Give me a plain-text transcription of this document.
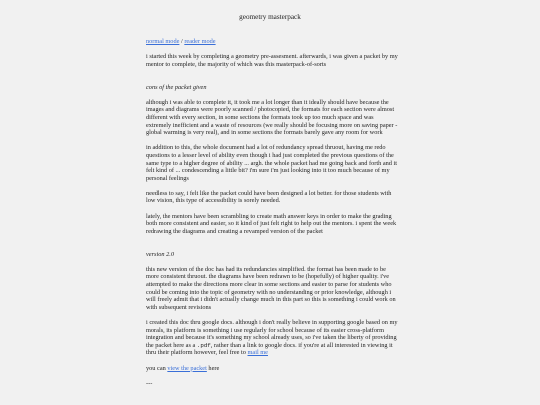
geometry masterpack
normal mode / reader mode

i started this week by completing a geometry pre-assesment. afterwards, i was given a packet by my mentor to complete, the majority of which was this masterpack-of-sorts

cons of the packet given

although i was able to complete it, it took me a lot longer than it ideally should have because the images and diagrams were poorly scanned / photocopied, the formats for each section were almost different with every section, in some sections the formats took up too much space and was extremely inefficient and a waste of resources (we really should be focusing more on saving paper - global warming is very real), and in some sections the formats barely gave any room for work

in addition to this, the whole document had a lot of redundancy spread thruout, having me redo questions to a lesser level of ability even though i had just completed the previous questions of the same type to a higher degree of ability ... argh. the whole packet had me going back and forth and it felt kind of ... condescending a little bit? i'm sure i'm just looking into it too much because of my personal feelings

needless to say, i felt like the packet could have been designed a lot better. for those students with low vision, this type of accessibility is sorely needed.

lately, the mentors have been scrambling to create math answer keys in order to make the grading both more consistent and easier, so it kind of just felt right to help out the mentors. i spent the week redrawing the diagrams and creating a revamped version of the packet

version 2.0

this new version of the doc has had its redundancies simplified. the format has been made to be more consistent thruout. the diagrams have been redrawn to be (hopefully) of higher quality. i've attempted to make the directions more clear in some sections and easier to parse for students who could be coming into the topic of geometry with no understanding or prior knowledge, although i will freely admit that i didn't actually change much in this part so this is something i could work on with subsequent revisions

i created this doc thru google docs. although i don't really believe in supporting google based on my morals, its platform is something i use regularly for school because of its easier cross-platform integration and because it's something my school already uses, so i've taken the liberty of providing the packet here as a .pdf, rather than a link to google docs. if you're at all interested in viewing it thru their platform however, feel free to mail me

you can view the packet here

---
